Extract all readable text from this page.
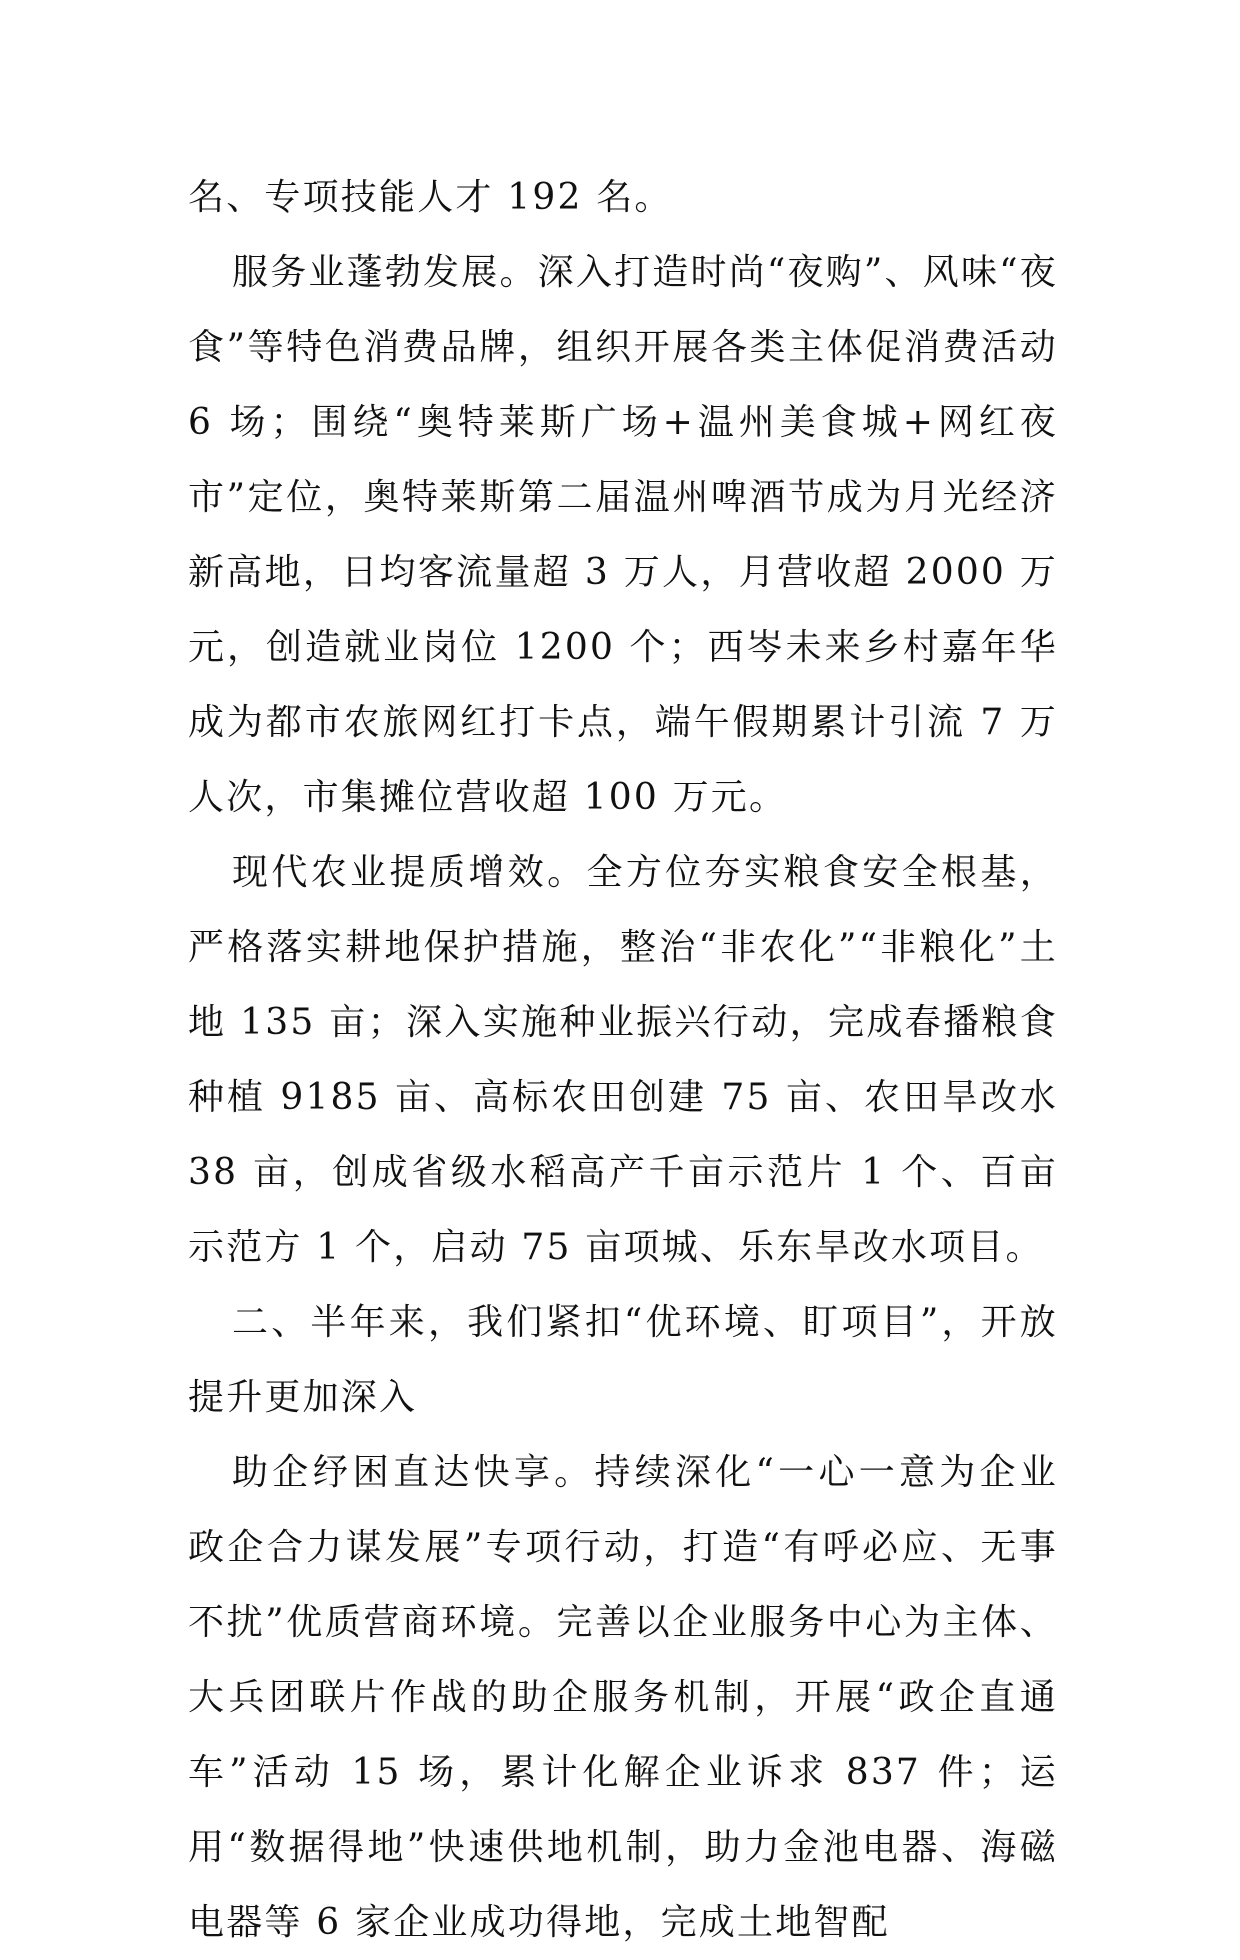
名、专项技能人才 192 名。

服务业蓬勃发展。深入打造时尚“夜购”、风味“夜食”等特色消费品牌，组织开展各类主体促消费活动 6 场；围绕“奥特莱斯广场+温州美食城+网红夜市”定位，奥特莱斯第二届温州啤酒节成为月光经济新高地，日均客流量超 3 万人，月营收超 2000 万元，创造就业岗位 1200 个；西岑未来乡村嘉年华成为都市农旅网红打卡点，端午假期累计引流 7 万人次，市集摊位营收超 100 万元。

现代农业提质增效。全方位夯实粮食安全根基，严格落实耕地保护措施，整治“非农化”“非粮化”土地 135 亩；深入实施种业振兴行动，完成春播粮食种植 9185 亩、高标农田创建 75 亩、农田旱改水 38 亩，创成省级水稻高产千亩示范片 1 个、百亩示范方 1 个，启动 75 亩项城、乐东旱改水项目。

二、半年来，我们紧扣“优环境、盯项目”，开放提升更加深入

助企纾困直达快享。持续深化“一心一意为企业 政企合力谋发展”专项行动，打造“有呼必应、无事不扰”优质营商环境。完善以企业服务中心为主体、大兵团联片作战的助企服务机制，开展“政企直通车”活动 15 场，累计化解企业诉求 837 件；运用“数据得地”快速供地机制，助力金池电器、海磁电器等 6 家企业成功得地，完成土地智配
